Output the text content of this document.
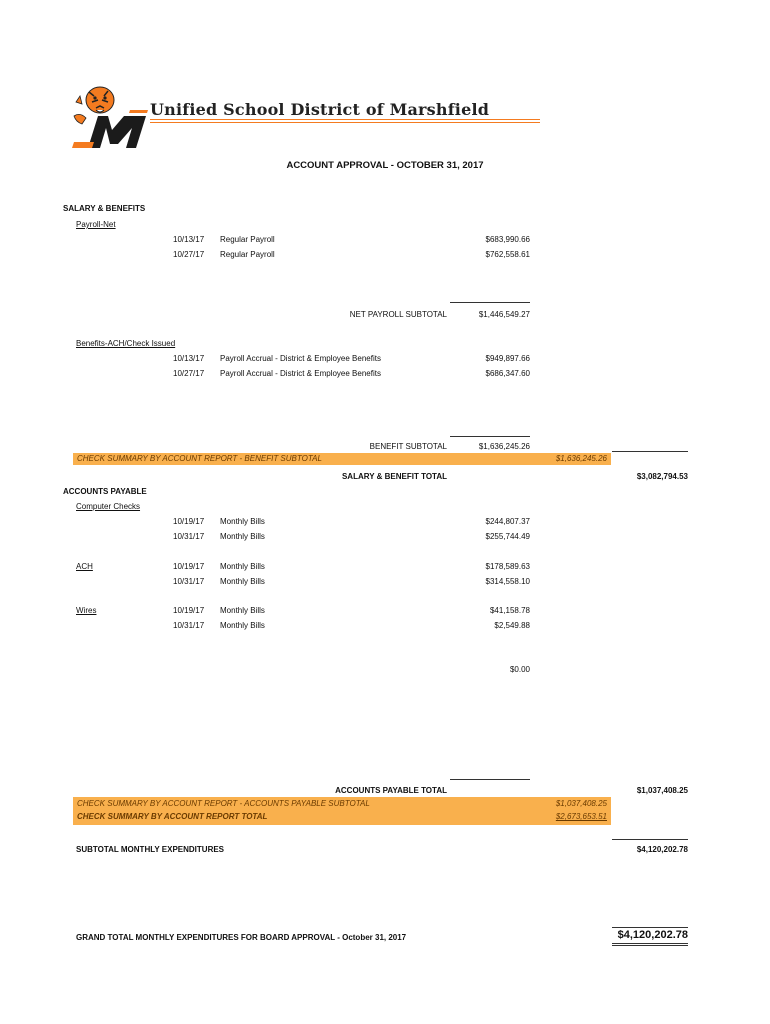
Unified School District of Marshfield
ACCOUNT APPROVAL - OCTOBER 31, 2017
SALARY & BENEFITS
Payroll-Net
10/13/17 Regular Payroll	$683,990.66
10/27/17 Regular Payroll	$762,558.61
NET PAYROLL SUBTOTAL	$1,446,549.27
Benefits-ACH/Check Issued
10/13/17 Payroll Accrual - District & Employee Benefits	$949,897.66
10/27/17 Payroll Accrual - District & Employee Benefits	$686,347.60
BENEFIT SUBTOTAL	$1,636,245.26
CHECK SUMMARY BY ACCOUNT REPORT - BENEFIT SUBTOTAL	$1,636,245.26
SALARY & BENEFIT TOTAL	$3,082,794.53
ACCOUNTS PAYABLE
Computer Checks
10/19/17 Monthly Bills	$244,807.37
10/31/17 Monthly Bills	$255,744.49
ACH	10/19/17 Monthly Bills	$178,589.63
10/31/17 Monthly Bills	$314,558.10
Wires	10/19/17 Monthly Bills	$41,158.78
10/31/17 Monthly Bills	$2,549.88
$0.00
ACCOUNTS PAYABLE TOTAL	$1,037,408.25
CHECK SUMMARY BY ACCOUNT REPORT - ACCOUNTS PAYABLE SUBTOTAL	$1,037,408.25
CHECK SUMMARY BY ACCOUNT REPORT TOTAL	$2,673,653.51
SUBTOTAL MONTHLY EXPENDITURES	$4,120,202.78
GRAND TOTAL MONTHLY EXPENDITURES FOR BOARD APPROVAL - October 31, 2017	$4,120,202.78
